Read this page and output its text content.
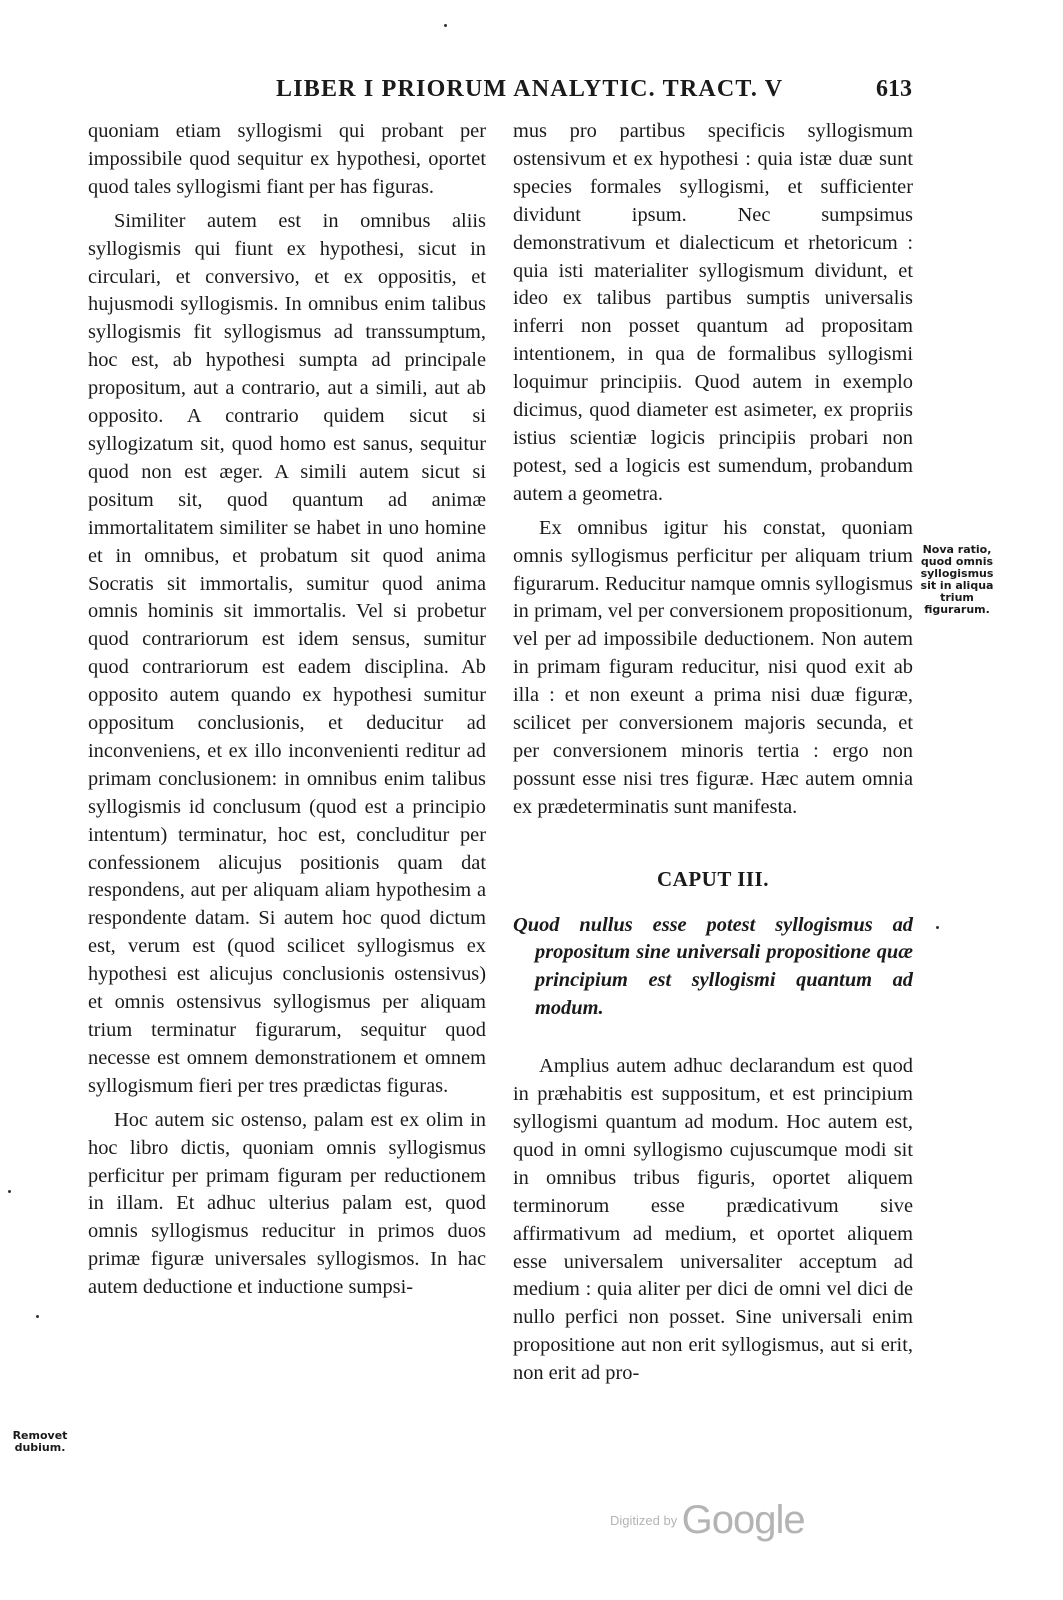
LIBER I PRIORUM ANALYTIC. TRACT. V	613

quoniam etiam syllogismi qui probant per impossibile quod sequitur ex hypothesi, oportet quod tales syllogismi fiant per has figuras.

Similiter autem est in omnibus aliis syllogismis qui fiunt ex hypothesi, sicut in circulari, et conversivo, et ex oppositis, et hujusmodi syllogismis. In omnibus enim talibus syllogismis fit syllogismus ad transsumptum, hoc est, ab hypothesi sumpta ad principale propositum, aut a contrario, aut a simili, aut ab opposito. A contrario quidem sicut si syllogizatum sit, quod homo est sanus, sequitur quod non est æger. A simili autem sicut si positum sit, quod quantum ad animæ immortalitatem similiter se habet in uno homine et in omnibus, et probatum sit quod anima Socratis sit immortalis, sumitur quod anima omnis hominis sit immortalis. Vel si probetur quod contrariorum est idem sensus, sumitur quod contrariorum est eadem disciplina. Ab opposito autem quando ex hypothesi sumitur oppositum conclusionis, et deducitur ad inconveniens, et ex illo inconvenienti reditur ad primam conclusionem: in omnibus enim talibus syllogismis id conclusum (quod est a principio intentum) terminatur, hoc est, concluditur per confessionem alicujus positionis quam dat respondens, aut per aliquam aliam hypothesim a respondente datam. Si autem hoc quod dictum est, verum est (quod scilicet syllogismus ex hypothesi est alicujus conclusionis ostensivus) et omnis ostensivus syllogismus per aliquam trium terminatur figurarum, sequitur quod necesse est omnem demonstrationem et omnem syllogismum fieri per tres prædictas figuras.

Hoc autem sic ostenso, palam est ex olim in hoc libro dictis, quoniam omnis syllogismus perficitur per primam figuram per reductionem in illam. Et adhuc ulterius palam est, quod omnis syllogismus reducitur in primos duos primæ figuræ universales syllogismos. In hac autem deductione et inductione sumpsi-

mus pro partibus specificis syllogismum ostensivum et ex hypothesi : quia istæ duæ sunt species formales syllogismi, et sufficienter dividunt ipsum. Nec sumpsimus demonstrativum et dialecticum et rhetoricum : quia isti materialiter syllogismum dividunt, et ideo ex talibus partibus sumptis universalis inferri non posset quantum ad propositam intentionem, in qua de formalibus syllogismi loquimur principiis. Quod autem in exemplo dicimus, quod diameter est asimeter, ex propriis istius scientiæ logicis principiis probari non potest, sed a logicis est sumendum, probandum autem a geometra.

Ex omnibus igitur his constat, quoniam omnis syllogismus perficitur per aliquam trium figurarum. Reducitur namque omnis syllogismus in primam, vel per conversionem propositionum, vel per ad impossibile deductionem. Non autem in primam figuram reducitur, nisi quod exit ab illa : et non exeunt a prima nisi duæ figuræ, scilicet per conversionem majoris secunda, et per conversionem minoris tertia : ergo non possunt esse nisi tres figuræ. Hæc autem omnia ex prædeterminatis sunt manifesta.

CAPUT III.

Quod nullus esse potest syllogismus ad propositum sine universali propositione quæ principium est syllogismi quantum ad modum.

Amplius autem adhuc declarandum est quod in præhabitis est suppositum, et est principium syllogismi quantum ad modum. Hoc autem est, quod in omni syllogismo cujuscumque modi sit in omnibus tribus figuris, oportet aliquem terminorum esse prædicativum sive affirmativum ad medium, et oportet aliquem esse universalem universaliter acceptum ad medium : quia aliter per dici de omni vel dici de nullo perfici non posset. Sine universali enim propositione aut non erit syllogismus, aut si erit, non erit ad pro-

Nova ratio, quod omnis syllogismus sit in aliqua trium figurarum.
Removet dubium.
Digitized by Google
